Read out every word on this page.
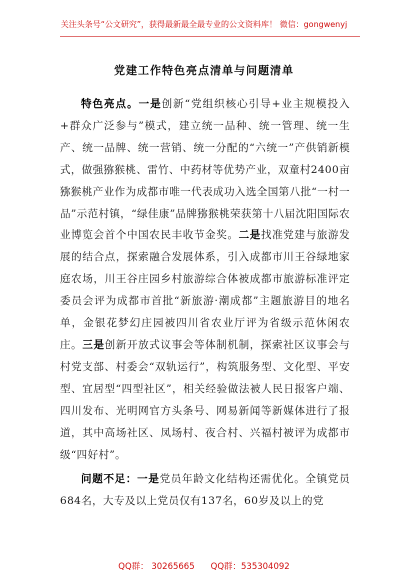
关注头条号“公文研究”，获得最新最全最专业的公文资料库！ 微信：gongwenyj
党建工作特色亮点清单与问题清单

特色亮点。一是创新“党组织核心引导+业主规模投入+群众广泛参与”模式，建立统一品种、统一管理、统一生产、统一品牌、统一营销、统一分配的“六统一”产供销新模式，做强猕猴桃、雷竹、中药材等优势产业，双童村2400亩猕猴桃产业作为成都市唯一代表成功入选全国第八批“一村一品”示范村镇，“绿佳康”品牌猕猴桃荣获第十八届沈阳国际农业博览会首个中国农民丰收节金奖。二是找准党建与旅游发展的结合点，探索融合发展体系，引入成都市川王谷绿地家庭农场，川王谷庄园乡村旅游综合体被成都市旅游标准评定委员会评为成都市首批“新旅游·潮成都”主题旅游目的地名单，金银花梦幻庄园被四川省农业厅评为省级示范休闲农庄。三是创新开放式议事会等体制机制，探索社区议事会与村党支部、村委会“双轨运行”，构筑服务型、文化型、平安型、宜居型“四型社区”，相关经验做法被人民日报客户端、四川发布、光明网官方头条号、网易新闻等新媒体进行了报道，其中高场社区、凤场村、夜合村、兴福村被评为成都市级“四好村”。

问题不足：一是党员年龄文化结构还需优化。全镇党员684名，大专及以上党员仅有137名，60岁及以上的党

QQ群： 30265665 QQ群：535304092
